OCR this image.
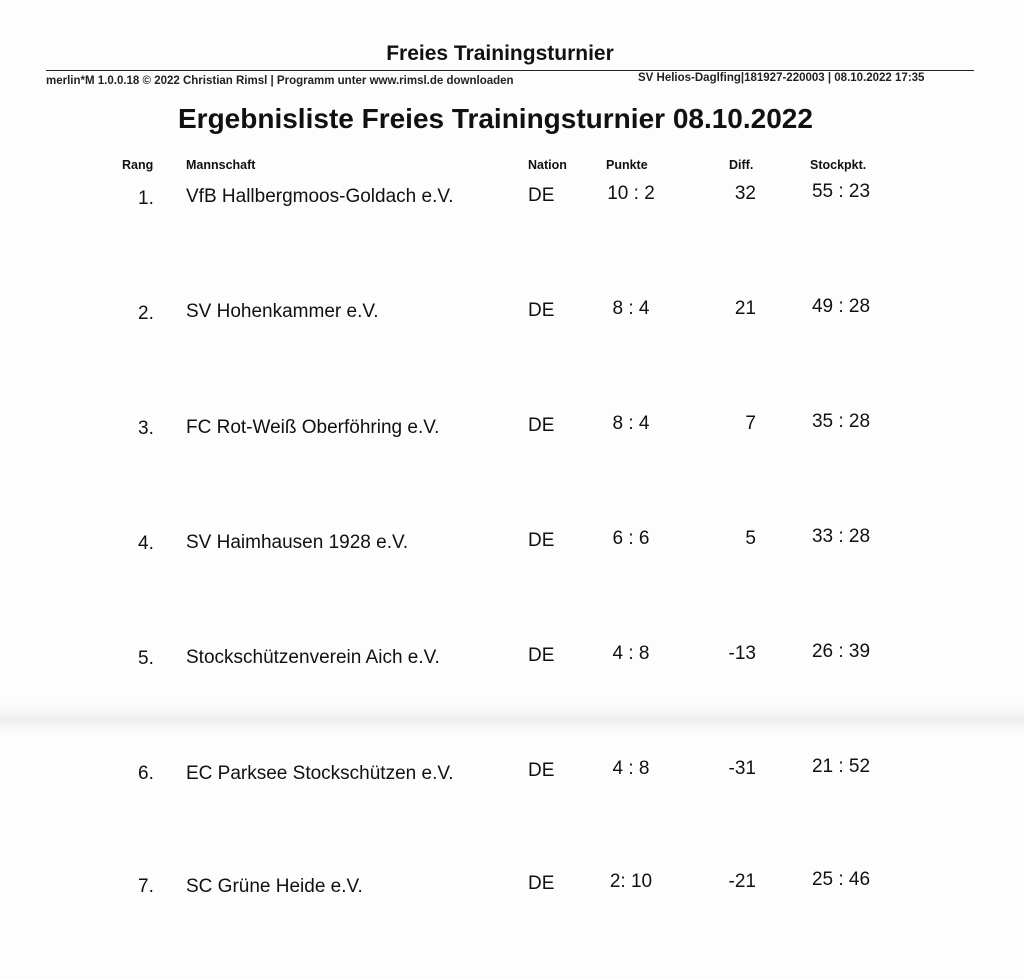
Freies Trainingsturnier
merlin*M 1.0.0.18 © 2022 Christian Rimsl | Programm unter www.rimsl.de downloaden	SV Helios-Daglfing|181927-220003 | 08.10.2022 17:35
Ergebnisliste Freies Trainingsturnier 08.10.2022
Rang	Mannschaft	Nation	Punkte	Diff.	Stockpkt.
1.	VfB Hallbergmoos-Goldach e.V.	DE	10 : 2	32	55 : 23
2.	SV Hohenkammer e.V.	DE	8 : 4	21	49 : 28
3.	FC Rot-Weiß Oberföhring e.V.	DE	8 : 4	7	35 : 28
4.	SV Haimhausen 1928 e.V.	DE	6 : 6	5	33 : 28
5.	Stockschützenverein Aich e.V.	DE	4 : 8	-13	26 : 39
6.	EC Parksee Stockschützen e.V.	DE	4 : 8	-31	21 : 52
7.	SC Grüne Heide e.V.	DE	2: 10	-21	25 : 46
